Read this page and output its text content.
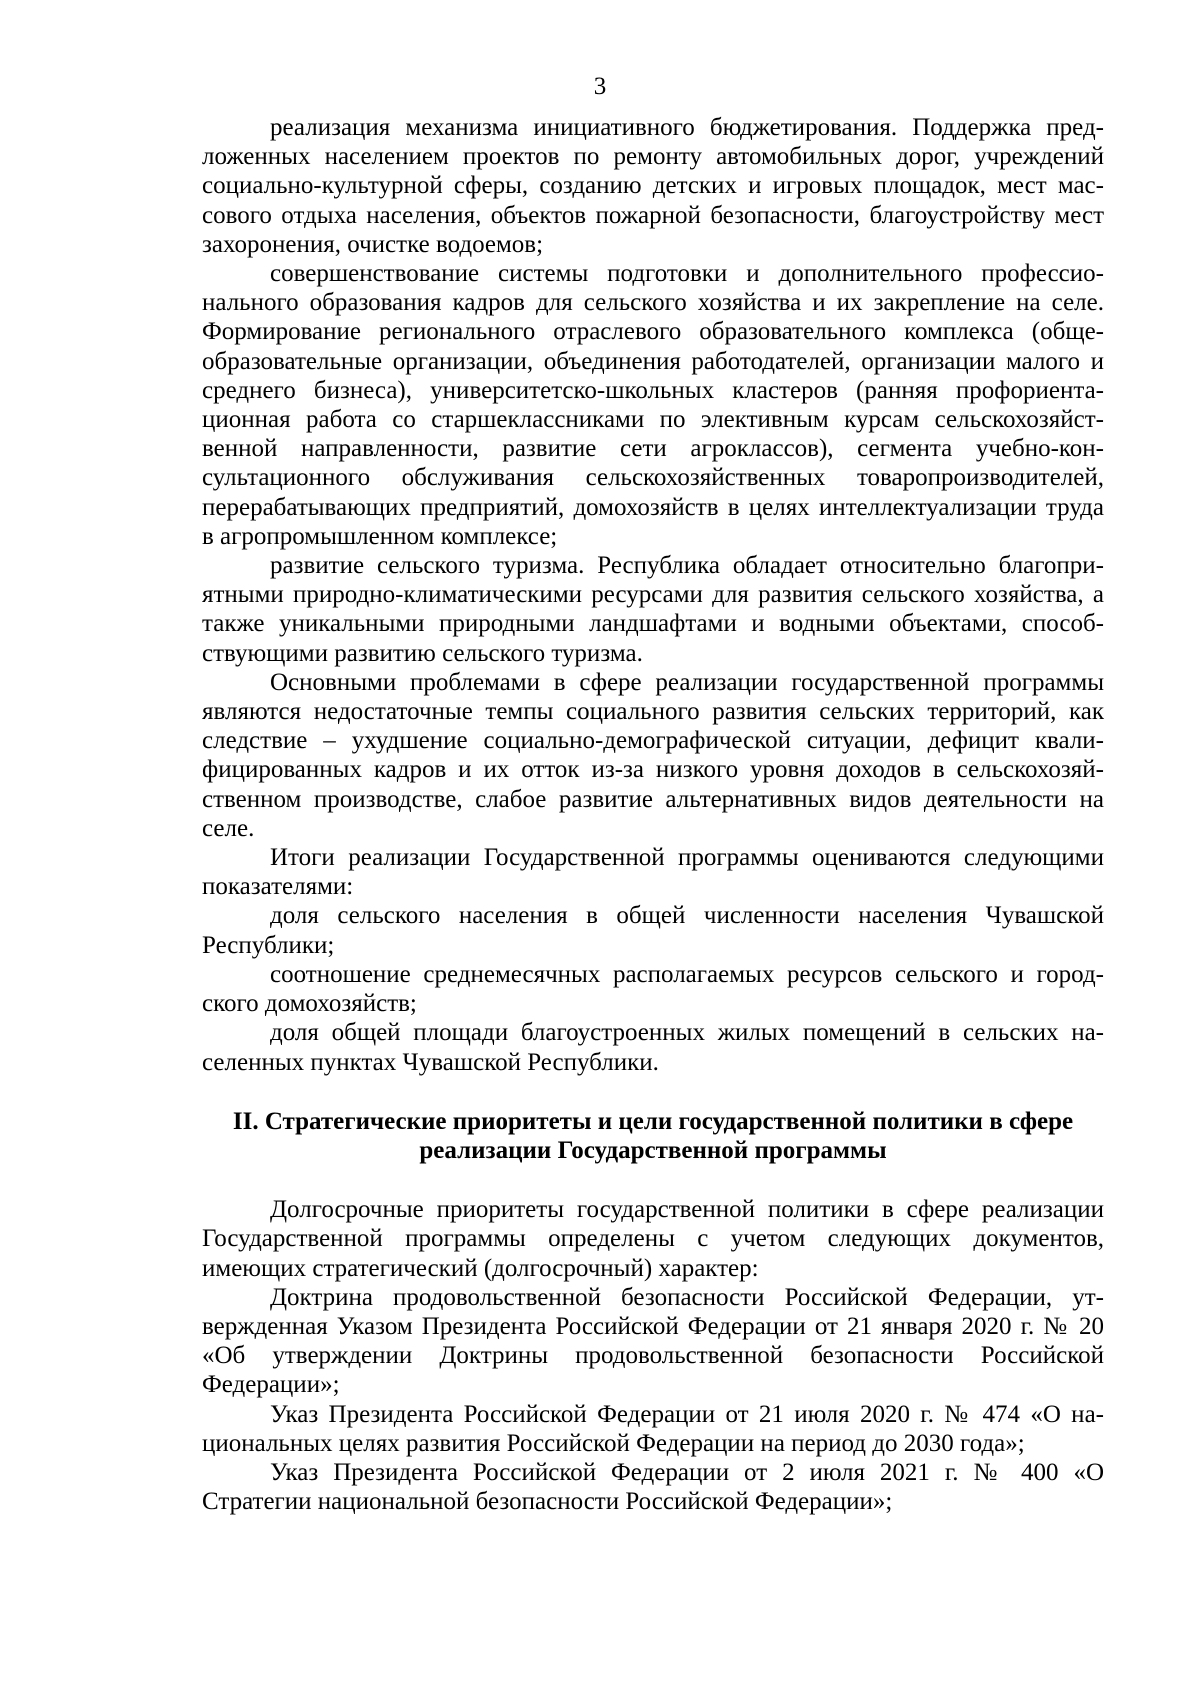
3

реализация механизма инициативного бюджетирования. Поддержка предложенных населением проектов по ремонту автомобильных дорог, учреждений социально-культурной сферы, созданию детских и игровых площадок, мест массового отдыха населения, объектов пожарной безопасности, благоустройству мест захоронения, очистке водоемов;

совершенствование системы подготовки и дополнительного профессионального образования кадров для сельского хозяйства и их закрепление на селе. Формирование регионального отраслевого образовательного комплекса (общеобразовательные организации, объединения работодателей, организации малого и среднего бизнеса), университетско-школьных кластеров (ранняя профориентационная работа со старшеклассниками по элективным курсам сельскохозяйственной направленности, развитие сети агроклассов), сегмента учебно-консультационного обслуживания сельскохозяйственных товаропроизводителей, перерабатывающих предприятий, домохозяйств в целях интеллектуализации труда в агропромышленном комплексе;

развитие сельского туризма. Республика обладает относительно благоприятными природно-климатическими ресурсами для развития сельского хозяйства, а также уникальными природными ландшафтами и водными объектами, способствующими развитию сельского туризма.

Основными проблемами в сфере реализации государственной программы являются недостаточные темпы социального развития сельских территорий, как следствие – ухудшение социально-демографической ситуации, дефицит квалифицированных кадров и их отток из-за низкого уровня доходов в сельскохозяйственном производстве, слабое развитие альтернативных видов деятельности на селе.

Итоги реализации Государственной программы оцениваются следующими показателями:

доля сельского населения в общей численности населения Чувашской Республики;

соотношение среднемесячных располагаемых ресурсов сельского и городского домохозяйств;

доля общей площади благоустроенных жилых помещений в сельских населенных пунктах Чувашской Республики.

II. Стратегические приоритеты и цели государственной политики в сфере
реализации Государственной программы

Долгосрочные приоритеты государственной политики в сфере реализации Государственной программы определены с учетом следующих документов, имеющих стратегический (долгосрочный) характер:

Доктрина продовольственной безопасности Российской Федерации, утвержденная Указом Президента Российской Федерации от 21 января 2020 г. № 20 «Об утверждении Доктрины продовольственной безопасности Российской Федерации»;

Указ Президента Российской Федерации от 21 июля 2020 г. № 474 «О национальных целях развития Российской Федерации на период до 2030 года»;

Указ Президента Российской Федерации от 2 июля 2021 г. № 400 «О Стратегии национальной безопасности Российской Федерации»;
